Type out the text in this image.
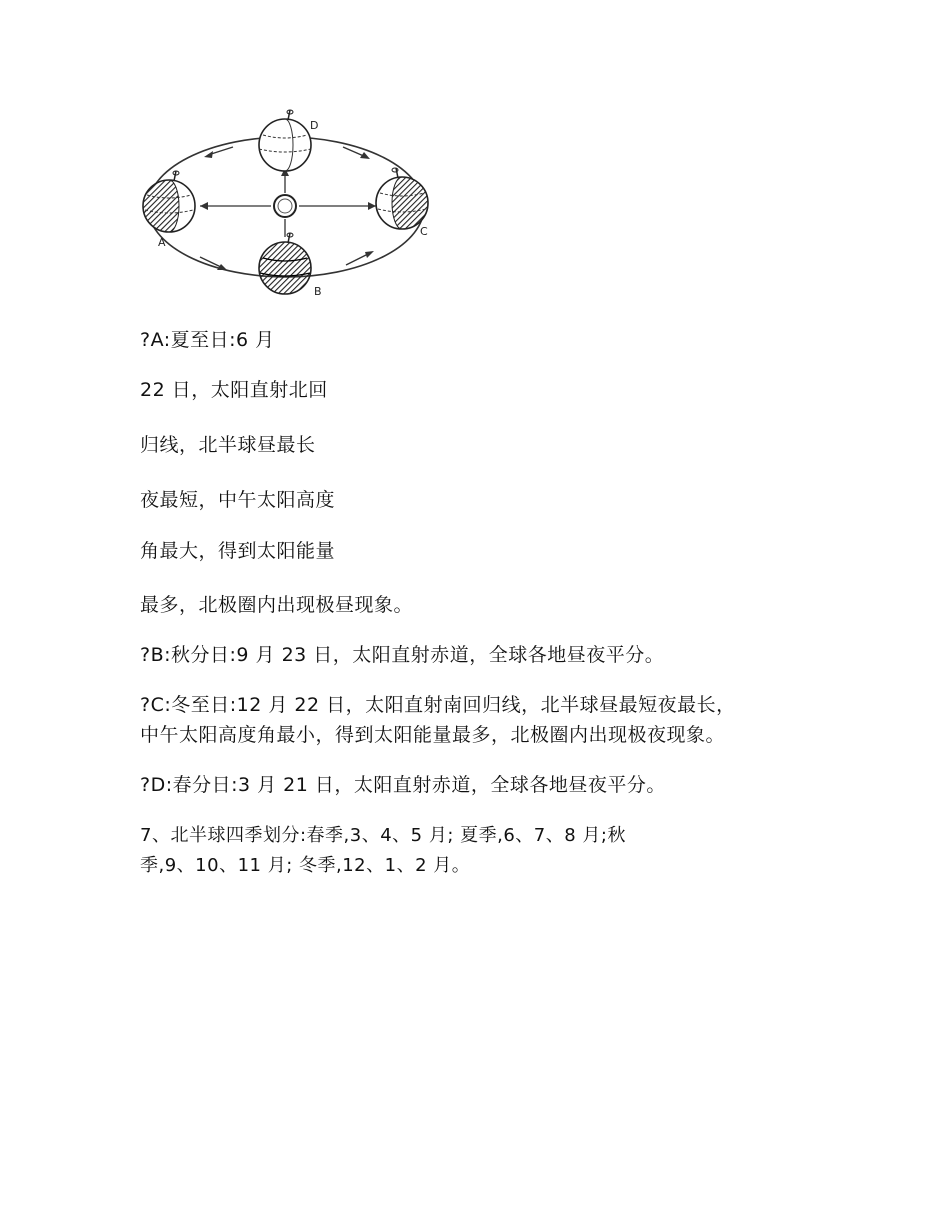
A
B
C
D
?A:夏至日:6 月
22 日，太阳直射北回
归线，北半球昼最长
夜最短，中午太阳高度
角最大，得到太阳能量
最多，北极圈内出现极昼现象。
?B:秋分日:9 月 23 日，太阳直射赤道，全球各地昼夜平分。
?C:冬至日:12 月 22 日，太阳直射南回归线，北半球昼最短夜最长，
中午太阳高度角最小，得到太阳能量最多，北极圈内出现极夜现象。
?D:春分日:3 月 21 日，太阳直射赤道，全球各地昼夜平分。
7、北半球四季划分:春季,3、4、5 月; 夏季,6、7、8 月;秋
季,9、10、11 月; 冬季,12、1、2 月。
